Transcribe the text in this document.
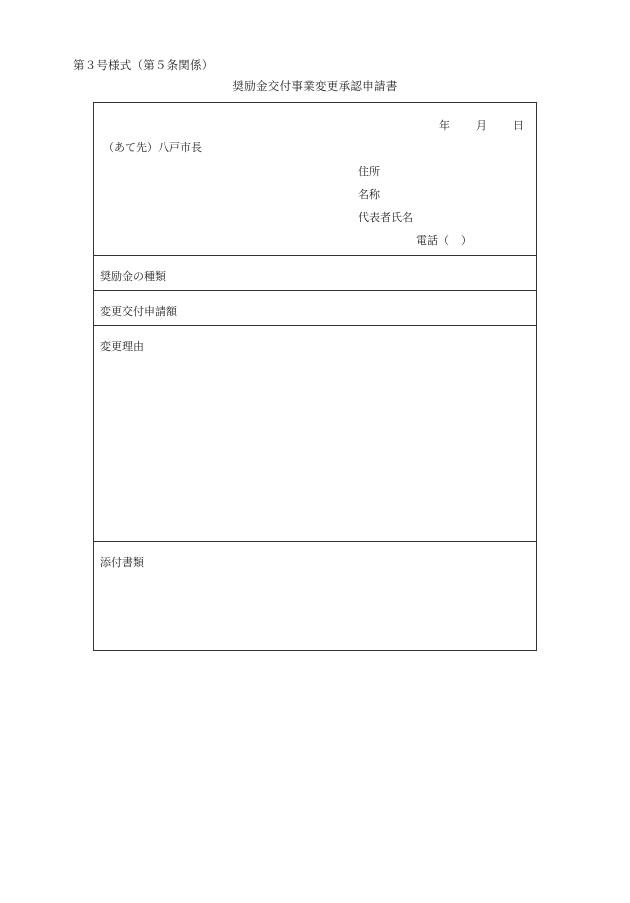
第３号様式（第５条関係）
奨励金交付事業変更承認申請書
年 月 日
（あて先）八戸市長
住所
名称
代表者氏名
電話（ ）
奨励金の種類
変更交付申請額
変更理由
添付書類
